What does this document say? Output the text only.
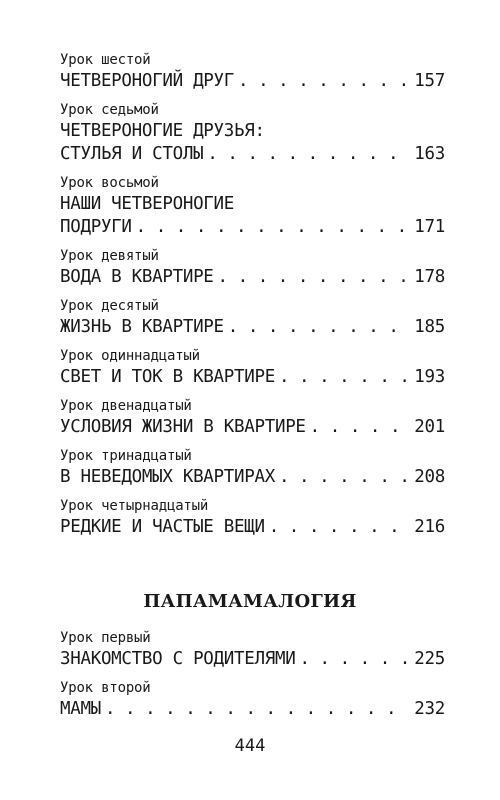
Урок шестой
ЧЕТВЕРОНОГИЙ ДРУГ . . .	157
Урок седьмой
ЧЕТВЕРОНОГИЕ ДРУЗЬЯ:
СТУЛЬЯ И СТОЛЫ . . .	163
Урок восьмой
НАШИ ЧЕТВЕРОНОГИЕ
ПОДРУГИ . . .	171
Урок девятый
ВОДА В КВАРТИРЕ . . .	178
Урок десятый
ЖИЗНЬ В КВАРТИРЕ . . .	185
Урок одиннадцатый
СВЕТ И ТОК В КВАРТИРЕ . . .	193
Урок двенадцатый
УСЛОВИЯ ЖИЗНИ В КВАРТИРЕ . . .	201
Урок тринадцатый
В НЕВЕДОМЫХ КВАРТИРАХ . . .	208
Урок четырнадцатый
РЕДКИЕ И ЧАСТЫЕ ВЕЩИ . . .	216
ПАПАМАМАЛОГИЯ
Урок первый
ЗНАКОМСТВО С РОДИТЕЛЯМИ . . .	225
Урок второй
МАМЫ . . .	232
444
